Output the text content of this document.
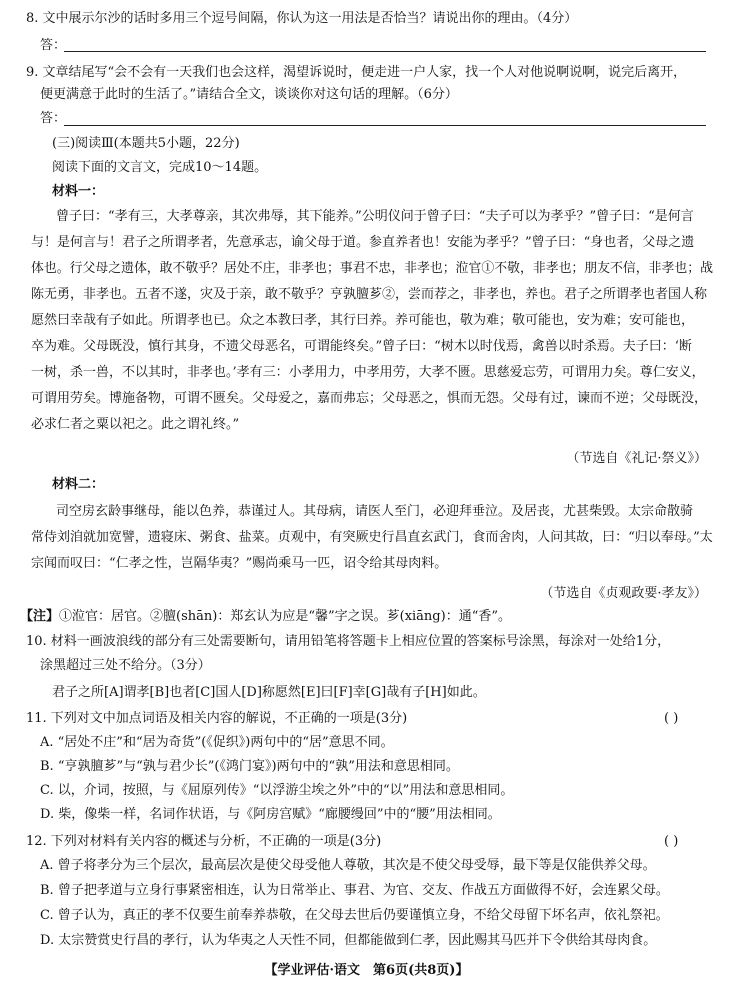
8. 文中展示尔沙的话时多用三个逗号间隔，你认为这一用法是否恰当？请说出你的理由。（4分）
答：
9. 文章结尾写“会不会有一天我们也会这样，渴望诉说时，便走进一户人家，找一个人对他说啊说啊，说完后离开，
便更满意于此时的生活了。”请结合全文，谈谈你对这句话的理解。（6分）
答：
(三)阅读Ⅲ(本题共5小题，22分)
阅读下面的文言文，完成10～14题。
材料一：
曾子曰：“孝有三，大孝尊亲，其次弗辱，其下能养。”公明仪问于曾子曰：“夫子可以为孝乎？”曾子曰：“是何言
与！是何言与！君子之所谓孝者，先意承志，谕父母于道。参直养者也！安能为孝乎？”曾子曰：“身也者，父母之遗
体也。行父母之遗体，敢不敬乎？居处不庄，非孝也；事君不忠，非孝也；涖官①不敬，非孝也；朋友不信，非孝也；战
陈无勇，非孝也。五者不遂，灾及于亲，敢不敬乎？亨孰膻芗②，尝而荐之，非孝也，养也。君子之所谓孝也者国人称
愿然曰幸哉有子如此。所谓孝也已。众之本教曰孝，其行曰养。养可能也，敬为难；敬可能也，安为难；安可能也，
卒为难。父母既没，慎行其身，不遗父母恶名，可谓能终矣。”曾子曰：“树木以时伐焉，禽兽以时杀焉。夫子曰：‘断
一树，杀一兽，不以其时，非孝也。’孝有三：小孝用力，中孝用劳，大孝不匮。思慈爱忘劳，可谓用力矣。尊仁安义，
可谓用劳矣。博施备物，可谓不匮矣。父母爱之，嘉而弗忘；父母恶之，惧而无怨。父母有过，谏而不逆；父母既没，
必求仁者之粟以祀之。此之谓礼终。”
（节选自《礼记·祭义》）
材料二：
司空房玄龄事继母，能以色养，恭谨过人。其母病，请医人至门，必迎拜垂泣。及居丧，尤甚柴毁。太宗命散骑
常侍刘洎就加宽譬，遗寝床、粥食、盐菜。贞观中，有突厥史行昌直玄武门，食而舍肉，人问其故，曰：“归以奉母。”太
宗闻而叹曰：“仁孝之性，岂隔华夷？”赐尚乘马一匹，诏令给其母肉料。
（节选自《贞观政要·孝友》）
【注】①涖官：居官。②膻(shān)：郑玄认为应是“馨”字之误。芗(xiāng)：通“香”。
10. 材料一画波浪线的部分有三处需要断句，请用铅笔将答题卡上相应位置的答案标号涂黑，每涂对一处给1分，
涂黑超过三处不给分。（3分）
君子之所[A]谓孝[B]也者[C]国人[D]称愿然[E]曰[F]幸[G]哉有子[H]如此。
11. 下列对文中加点词语及相关内容的解说，不正确的一项是(3分)	( )
A. “居处不庄”和“居为奇货”(《促织》)两句中的“居”意思不同。
B. “亨孰膻芗”与“孰与君少长”(《鸿门宴》)两句中的“孰”用法和意思相同。
C. 以，介词，按照，与《屈原列传》“以浮游尘埃之外”中的“以”用法和意思相同。
D. 柴，像柴一样，名词作状语，与《阿房宫赋》“廊腰缦回”中的“腰”用法相同。
12. 下列对材料有关内容的概述与分析，不正确的一项是(3分)	( )
A. 曾子将孝分为三个层次，最高层次是使父母受他人尊敬，其次是不使父母受辱，最下等是仅能供养父母。
B. 曾子把孝道与立身行事紧密相连，认为日常举止、事君、为官、交友、作战五方面做得不好，会连累父母。
C. 曾子认为，真正的孝不仅要生前奉养恭敬，在父母去世后仍要谨慎立身，不给父母留下坏名声，依礼祭祀。
D. 太宗赞赏史行昌的孝行，认为华夷之人天性不同，但都能做到仁孝，因此赐其马匹并下令供给其母肉食。
【学业评估·语文　第6页(共8页)】
